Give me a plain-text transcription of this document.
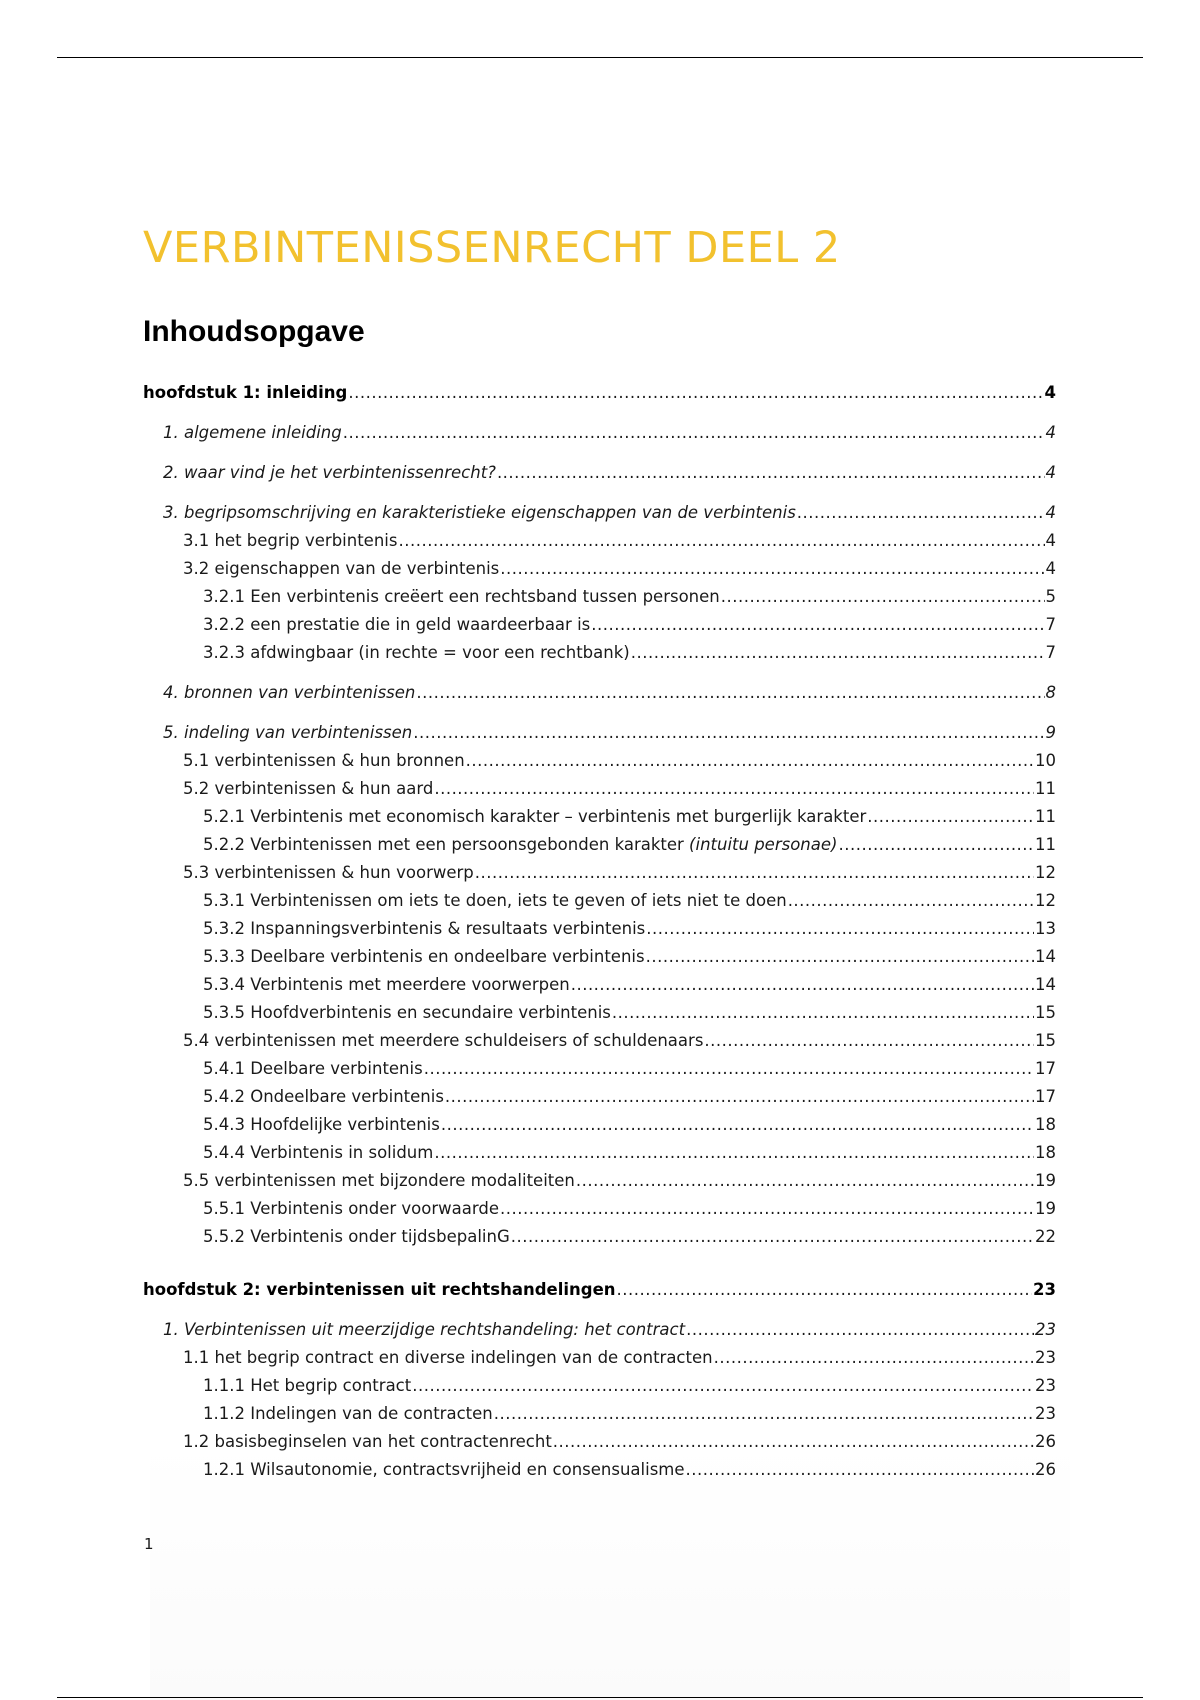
VERBINTENISSENRECHT DEEL 2
Inhoudsopgave
hoofdstuk 1: inleiding .....	4
1. algemene inleiding .....	4
2. waar vind je het verbintenissenrecht? .....	4
3. begripsomschrijving en karakteristieke eigenschappen van de verbintenis .....	4
3.1 het begrip verbintenis .....	4
3.2 eigenschappen van de verbintenis .....	4
3.2.1 Een verbintenis creëert een rechtsband tussen personen .....	5
3.2.2 een prestatie die in geld waardeerbaar is .....	7
3.2.3 afdwingbaar (in rechte = voor een rechtbank) .....	7
4. bronnen van verbintenissen .....	8
5. indeling van verbintenissen .....	9
5.1 verbintenissen & hun bronnen .....	10
5.2 verbintenissen & hun aard .....	11
5.2.1 Verbintenis met economisch karakter – verbintenis met burgerlijk karakter .....	11
5.2.2 Verbintenissen met een persoonsgebonden karakter (intuitu personae) .....	11
5.3 verbintenissen & hun voorwerp .....	12
5.3.1 Verbintenissen om iets te doen, iets te geven of iets niet te doen .....	12
5.3.2 Inspanningsverbintenis & resultaats verbintenis .....	13
5.3.3 Deelbare verbintenis en ondeelbare verbintenis .....	14
5.3.4 Verbintenis met meerdere voorwerpen .....	14
5.3.5 Hoofdverbintenis en secundaire verbintenis .....	15
5.4 verbintenissen met meerdere schuldeisers of schuldenaars .....	15
5.4.1 Deelbare verbintenis .....	17
5.4.2 Ondeelbare verbintenis .....	17
5.4.3 Hoofdelijke verbintenis .....	18
5.4.4 Verbintenis in solidum .....	18
5.5 verbintenissen met bijzondere modaliteiten .....	19
5.5.1 Verbintenis onder voorwaarde .....	19
5.5.2 Verbintenis onder tijdsbepalinG .....	22
hoofdstuk 2: verbintenissen uit rechtshandelingen .....	23
1. Verbintenissen uit meerzijdige rechtshandeling: het contract .....	23
1.1 het begrip contract en diverse indelingen van de contracten .....	23
1.1.1 Het begrip contract .....	23
1.1.2 Indelingen van de contracten .....	23
1.2 basisbeginselen van het contractenrecht .....	26
1.2.1 Wilsautonomie, contractsvrijheid en consensualisme .....	26
1
